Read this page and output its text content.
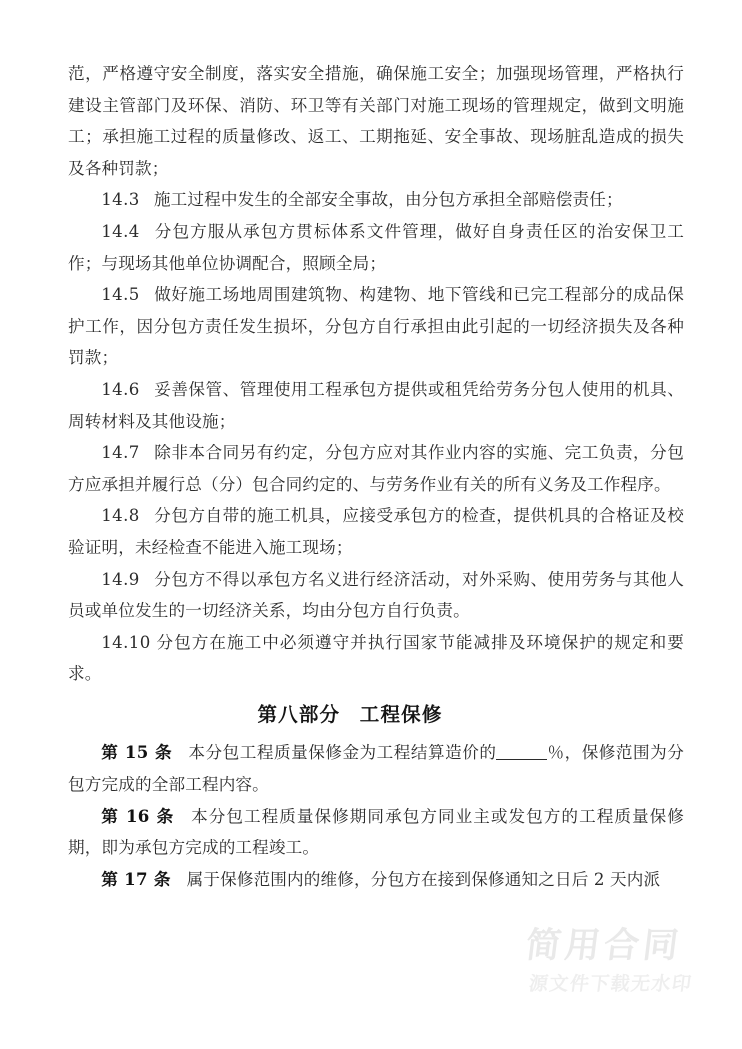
范，严格遵守安全制度，落实安全措施，确保施工安全；加强现场管理，严格执行建设主管部门及环保、消防、环卫等有关部门对施工现场的管理规定，做到文明施工；承担施工过程的质量修改、返工、工期拖延、安全事故、现场脏乱造成的损失及各种罚款；

14.3 施工过程中发生的全部安全事故，由分包方承担全部赔偿责任；

14.4 分包方服从承包方贯标体系文件管理，做好自身责任区的治安保卫工作；与现场其他单位协调配合，照顾全局；

14.5 做好施工场地周围建筑物、构建物、地下管线和已完工程部分的成品保护工作，因分包方责任发生损坏，分包方自行承担由此引起的一切经济损失及各种罚款；

14.6 妥善保管、管理使用工程承包方提供或租凭给劳务分包人使用的机具、周转材料及其他设施；

14.7 除非本合同另有约定，分包方应对其作业内容的实施、完工负责，分包方应承担并履行总（分）包合同约定的、与劳务作业有关的所有义务及工作程序。

14.8 分包方自带的施工机具，应接受承包方的检查，提供机具的合格证及校验证明，未经检查不能进入施工现场；

14.9 分包方不得以承包方名义进行经济活动，对外采购、使用劳务与其他人员或单位发生的一切经济关系，均由分包方自行负责。

14.10 分包方在施工中必须遵守并执行国家节能减排及环境保护的规定和要求。

第八部分 工程保修

第 15 条 本分包工程质量保修金为工程结算造价的	％，保修范围为分包方完成的全部工程内容。

第 16 条 本分包工程质量保修期同承包方同业主或发包方的工程质量保修期，即为承包方完成的工程竣工。

第 17 条 属于保修范围内的维修，分包方在接到保修通知之日后 2 天内派

简用合同
源文件下载无水印
